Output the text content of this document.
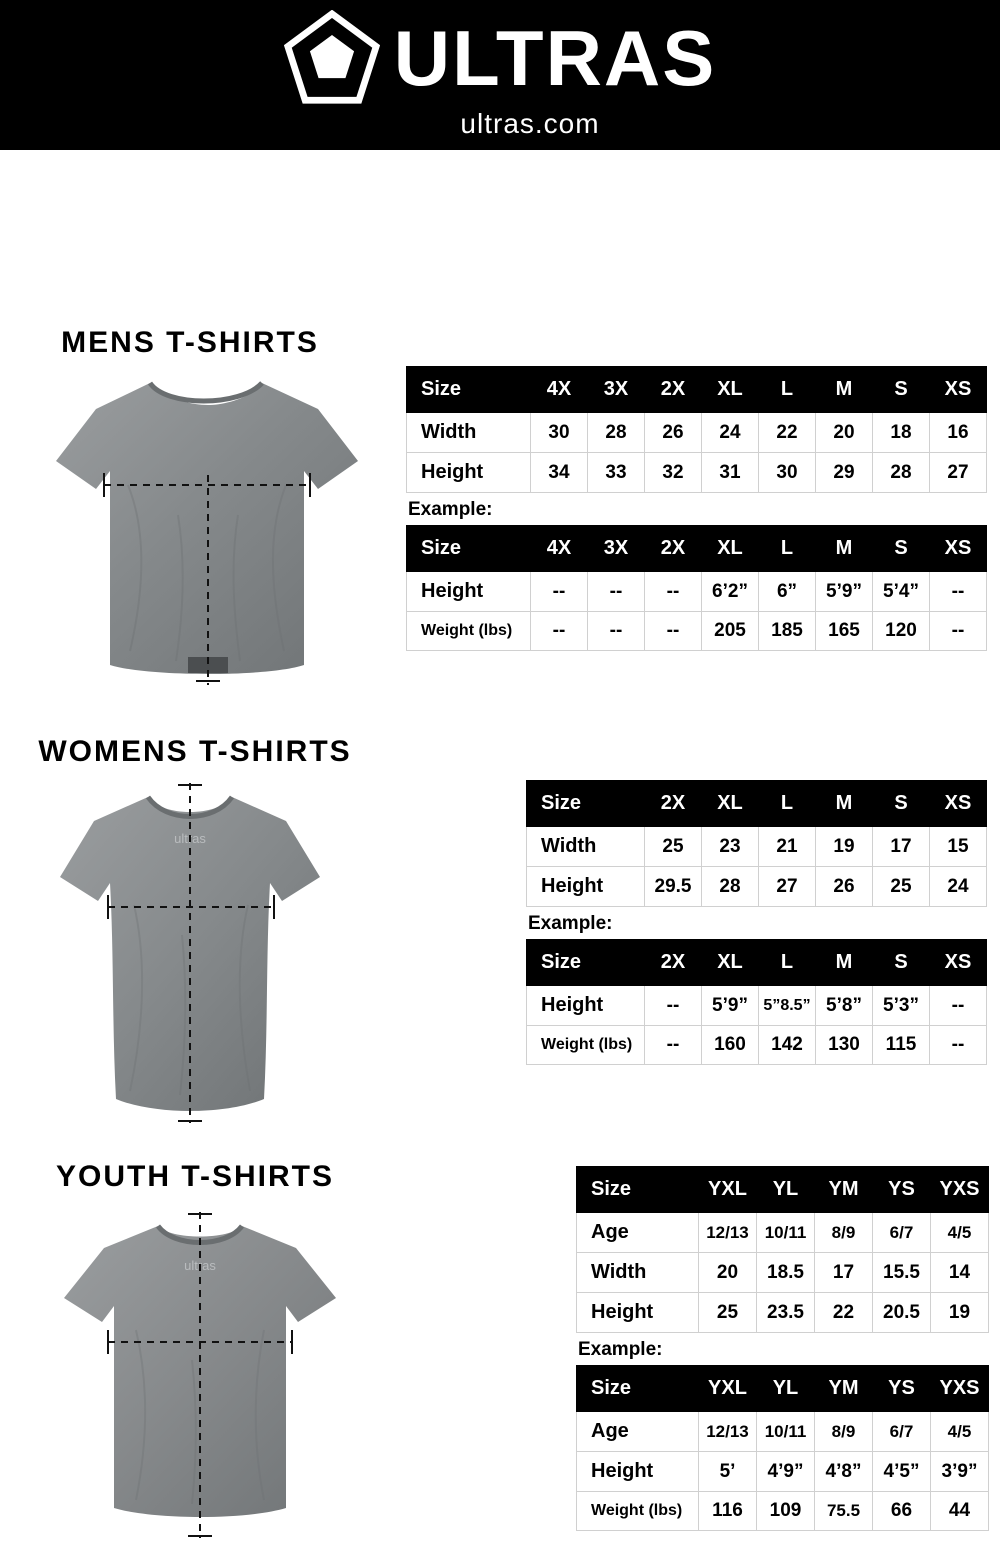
ULTRAS
ultras.com
MENS T-SHIRTS
Size	4X	3X	2X	XL	L	M	S	XS
Width	30	28	26	24	22	20	18	16
Height	34	33	32	31	30	29	28	27
Example:
Size	4X	3X	2X	XL	L	M	S	XS
Height	--	--	--	6’2”	6”	5’9”	5’4”	--
Weight (lbs)	--	--	--	205	185	165	120	--
WOMENS T-SHIRTS
ultras
Size	2X	XL	L	M	S	XS
Width	25	23	21	19	17	15
Height	29.5	28	27	26	25	24
Example:
Size	2X	XL	L	M	S	XS
Height	--	5’9”	5”8.5”	5’8”	5’3”	--
Weight (lbs)	--	160	142	130	115	--
YOUTH T-SHIRTS
ultras
Size	YXL	YL	YM	YS	YXS
Age	12/13	10/11	8/9	6/7	4/5
Width	20	18.5	17	15.5	14
Height	25	23.5	22	20.5	19
Example:
Size	YXL	YL	YM	YS	YXS
Age	12/13	10/11	8/9	6/7	4/5
Height	5’	4’9”	4’8”	4’5”	3’9”
Weight (lbs)	116	109	75.5	66	44
